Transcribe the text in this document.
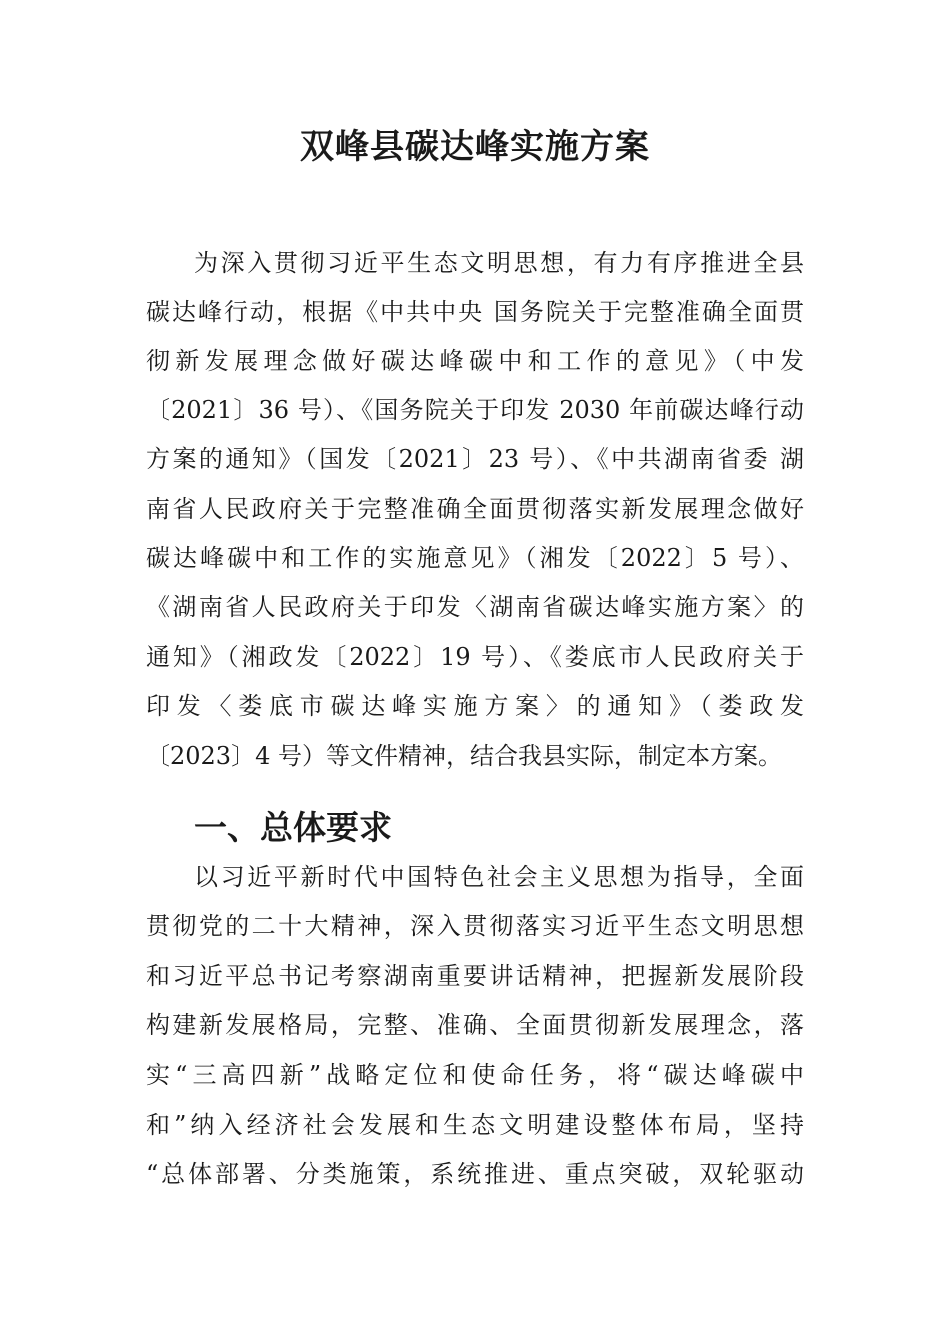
双峰县碳达峰实施方案

为深入贯彻习近平生态文明思想，有力有序推进全县

碳达峰行动，根据《中共中央 国务院关于完整准确全面贯

彻新发展理念做好碳达峰碳中和工作的意见》（中发

〔2021〕36 号）、《国务院关于印发 2030 年前碳达峰行动

方案的通知》（国发〔2021〕23 号）、《中共湖南省委 湖

南省人民政府关于完整准确全面贯彻落实新发展理念做好

碳达峰碳中和工作的实施意见》（湘发〔2022〕5 号）、

《湖南省人民政府关于印发〈湖南省碳达峰实施方案〉的

通知》（湘政发〔2022〕19 号）、《娄底市人民政府关于

印发〈娄底市碳达峰实施方案〉的通知》（娄政发

〔2023〕4 号）等文件精神，结合我县实际，制定本方案。

一、总体要求

以习近平新时代中国特色社会主义思想为指导，全面

贯彻党的二十大精神，深入贯彻落实习近平生态文明思想

和习近平总书记考察湖南重要讲话精神，把握新发展阶段

构建新发展格局，完整、准确、全面贯彻新发展理念，落

实“三高四新”战略定位和使命任务，将“碳达峰碳中

和”纳入经济社会发展和生态文明建设整体布局，坚持

“总体部署、分类施策，系统推进、重点突破，双轮驱动
